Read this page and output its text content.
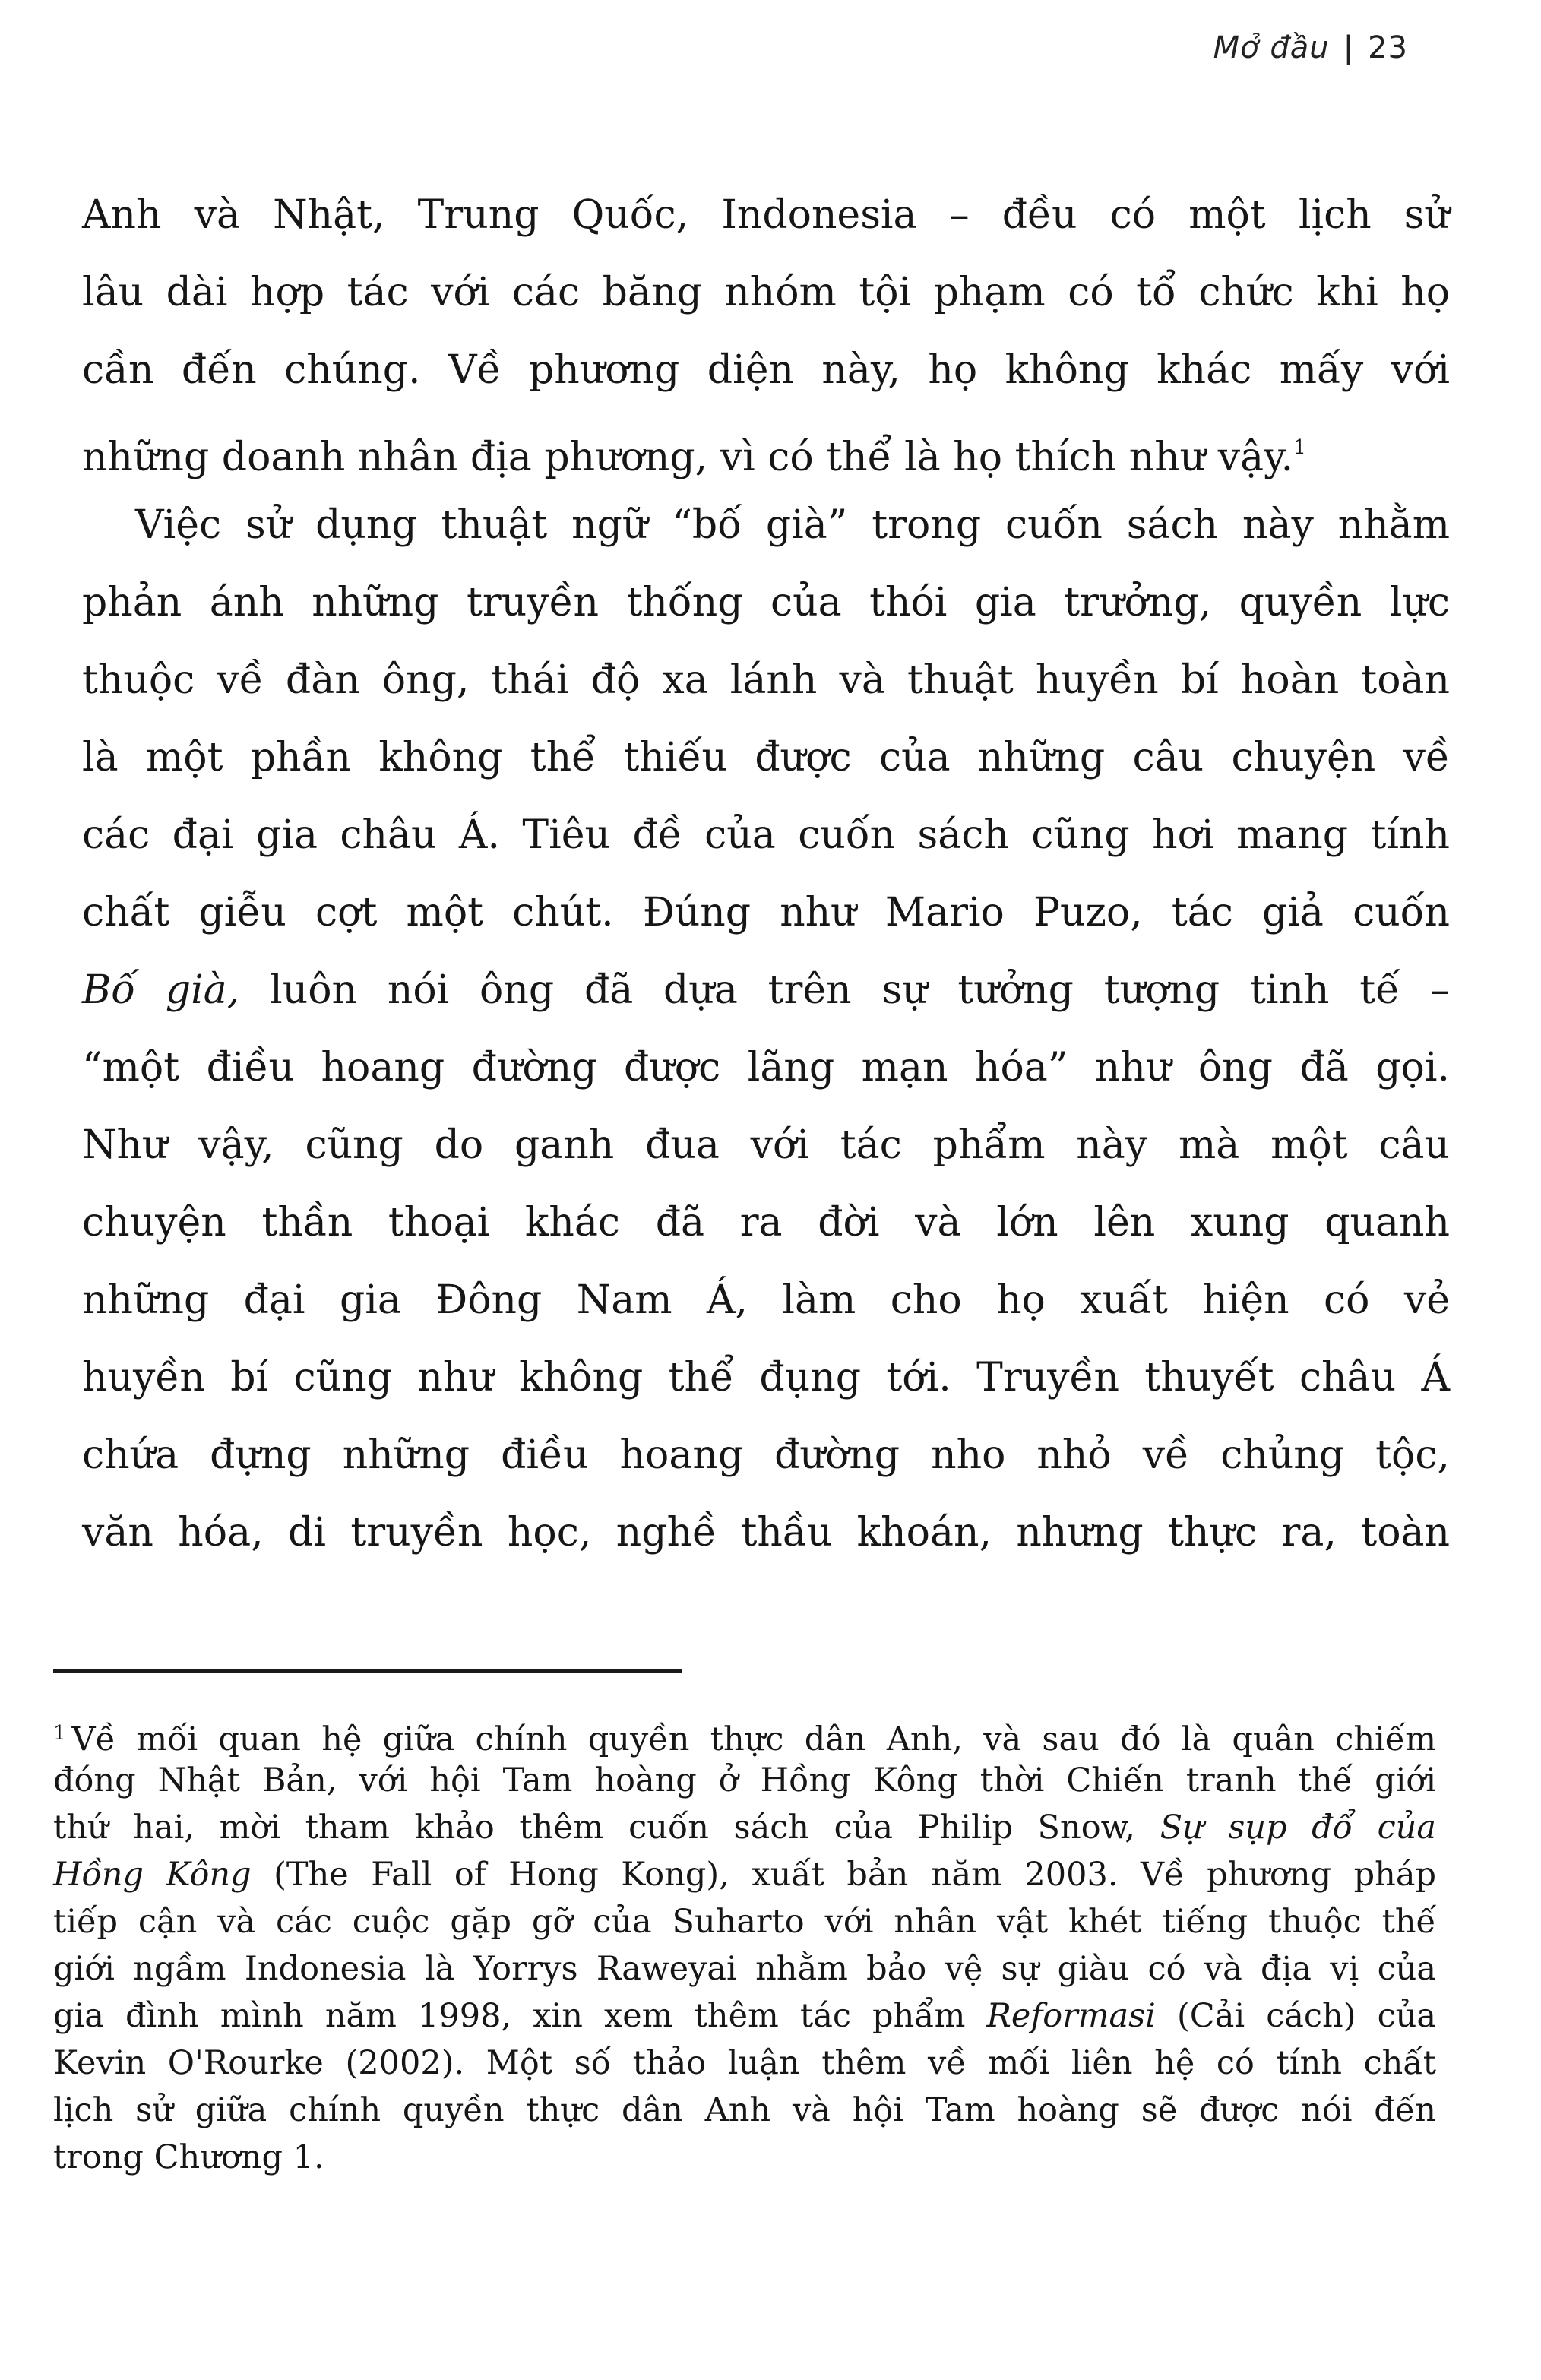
Mở đầu | 23
Anh và Nhật, Trung Quốc, Indonesia – đều có một lịch sử
lâu dài hợp tác với các băng nhóm tội phạm có tổ chức khi họ
cần đến chúng. Về phương diện này, họ không khác mấy với
những doanh nhân địa phương, vì có thể là họ thích như vậy.$^1$
Việc sử dụng thuật ngữ “bố già” trong cuốn sách này nhằm
phản ánh những truyền thống của thói gia trưởng, quyền lực
thuộc về đàn ông, thái độ xa lánh và thuật huyền bí hoàn toàn
là một phần không thể thiếu được của những câu chuyện về
các đại gia châu Á. Tiêu đề của cuốn sách cũng hơi mang tính
chất giễu cợt một chút. Đúng như Mario Puzo, tác giả cuốn
Bố già, luôn nói ông đã dựa trên sự tưởng tượng tinh tế –
“một điều hoang đường được lãng mạn hóa” như ông đã gọi.
Như vậy, cũng do ganh đua với tác phẩm này mà một câu
chuyện thần thoại khác đã ra đời và lớn lên xung quanh
những đại gia Đông Nam Á, làm cho họ xuất hiện có vẻ
huyền bí cũng như không thể đụng tới. Truyền thuyết châu Á
chứa đựng những điều hoang đường nho nhỏ về chủng tộc,
văn hóa, di truyền học, nghề thầu khoán, nhưng thực ra, toàn
$^1$ Về mối quan hệ giữa chính quyền thực dân Anh, và sau đó là quân chiếm
đóng Nhật Bản, với hội Tam hoàng ở Hồng Kông thời Chiến tranh thế giới
thứ hai, mời tham khảo thêm cuốn sách của Philip Snow, Sự sụp đổ của
Hồng Kông (The Fall of Hong Kong), xuất bản năm 2003. Về phương pháp
tiếp cận và các cuộc gặp gỡ của Suharto với nhân vật khét tiếng thuộc thế
giới ngầm Indonesia là Yorrys Raweyai nhằm bảo vệ sự giàu có và địa vị của
gia đình mình năm 1998, xin xem thêm tác phẩm Reformasi (Cải cách) của
Kevin O'Rourke (2002). Một số thảo luận thêm về mối liên hệ có tính chất
lịch sử giữa chính quyền thực dân Anh và hội Tam hoàng sẽ được nói đến
trong Chương 1.
